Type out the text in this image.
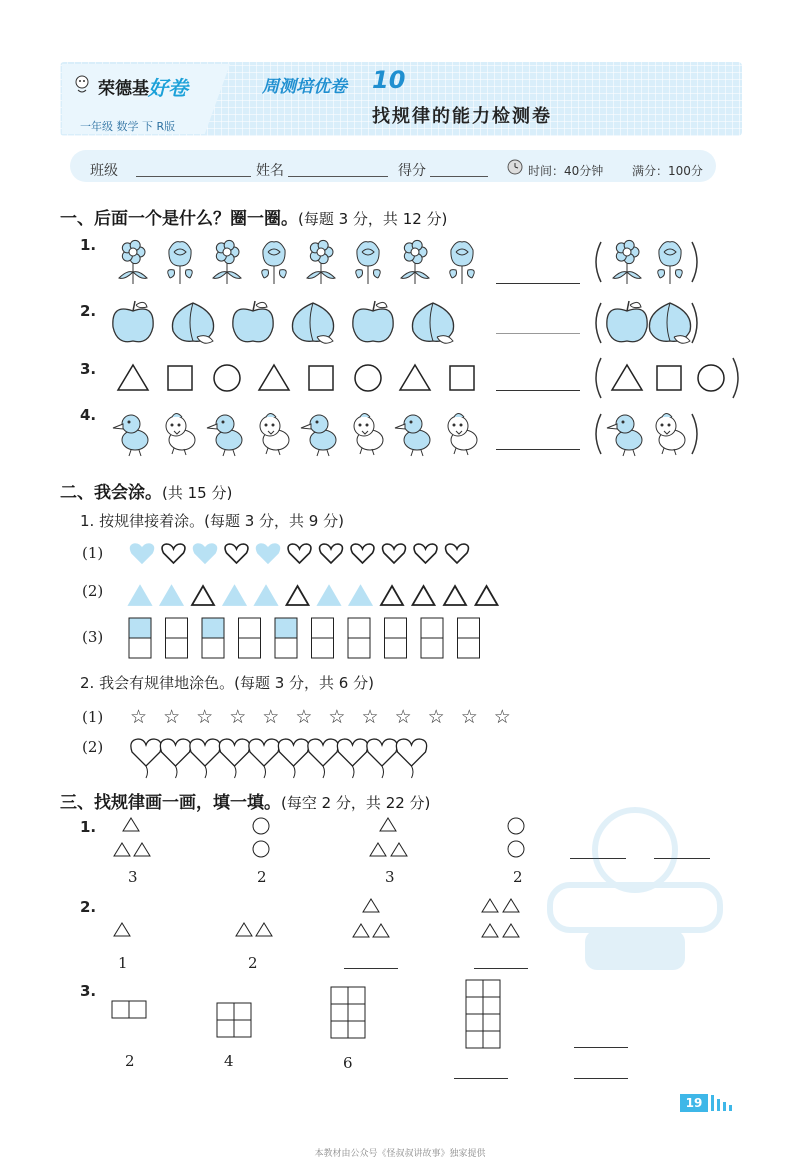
荣德基 好卷
一年级 数学 下 R版
周测培优卷 10
找规律的能力检测卷
班级	姓名	得分	时间：40分钟 满分：100分
一、后面一个是什么？圈一圈。(每题 3 分，共 12 分)
1.
2.
3.
4.
二、我会涂。(共 15 分)
1. 按规律接着涂。(每题 3 分，共 9 分)
(1)
(2)
(3)
2. 我会有规律地涂色。(每题 3 分，共 6 分)
(1) ☆ ☆ ☆ ☆ ☆ ☆ ☆ ☆ ☆ ☆ ☆ ☆
(2)
三、找规律画一画，填一填。(每空 2 分，共 22 分)
1.
3	2	3	2
2.
1	2
3.
2	4	6
19
本教材由公众号《怪叔叔讲故事》独家提供
